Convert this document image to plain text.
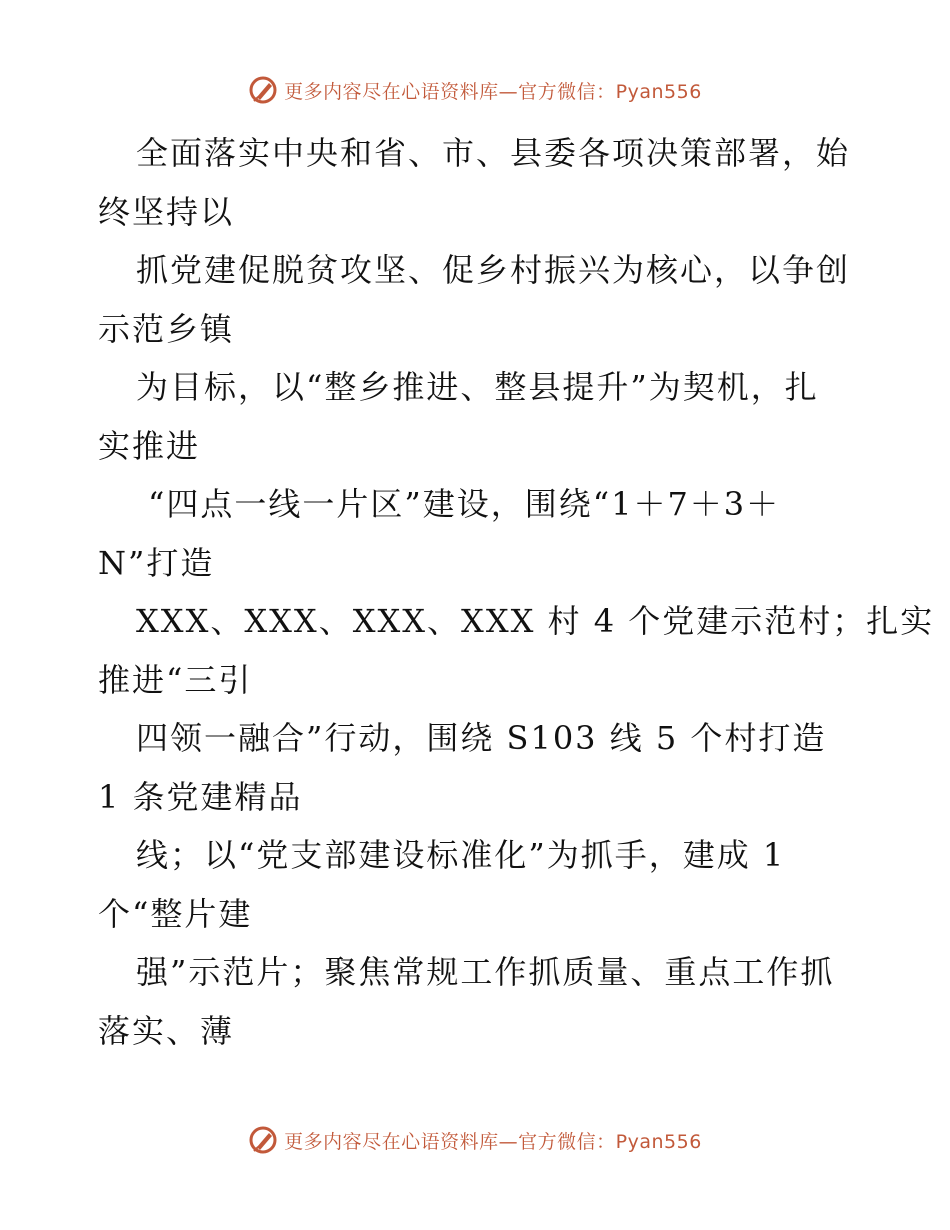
更多内容尽在心语资料库—官方微信：Pyan556
全面落实中央和省、市、县委各项决策部署，始
终坚持以
抓党建促脱贫攻坚、促乡村振兴为核心，以争创
示范乡镇
为目标，以“整乡推进、整县提升”为契机，扎
实推进
“四点一线一片区”建设，围绕“1＋7＋3＋
N”打造
XXX、XXX、XXX、XXX 村 4 个党建示范村；扎实
推进“三引
四领一融合”行动，围绕 S103 线 5 个村打造
1 条党建精品
线；以“党支部建设标准化”为抓手，建成 1
个“整片建
强”示范片；聚焦常规工作抓质量、重点工作抓
落实、薄
更多内容尽在心语资料库—官方微信：Pyan556
